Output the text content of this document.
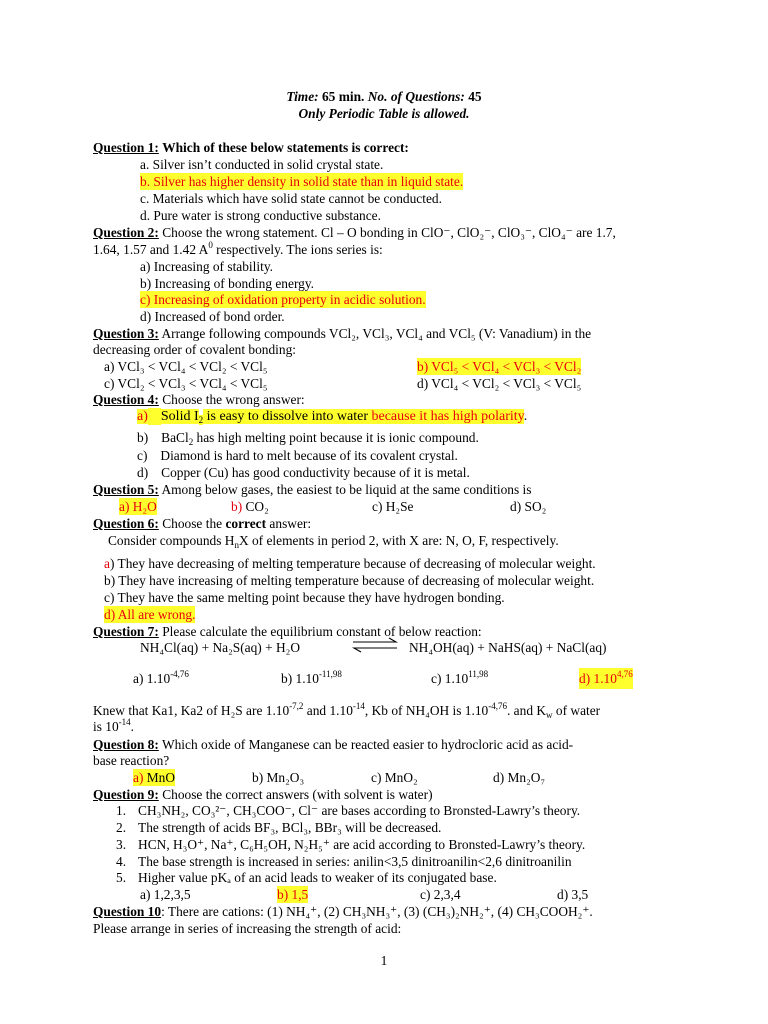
Time: 65 min. No. of Questions: 45
Only Periodic Table is allowed.
Question 1: Which of these below statements is correct:
a. Silver isn’t conducted in solid crystal state.
b. Silver has higher density in solid state than in liquid state.
c. Materials which have solid state cannot be conducted.
d. Pure water is strong conductive substance.
Question 2: Choose the wrong statement. Cl – O bonding in ClO⁻, ClO₂⁻, ClO₃⁻, ClO₄⁻ are 1.7,
1.64, 1.57 and 1.42 $A^0$ respectively. The ions series is:
a) Increasing of stability.
b) Increasing of bonding energy.
c) Increasing of oxidation property in acidic solution.
d) Increased of bond order.
Question 3: Arrange following compounds VCl₂, VCl₃, VCl₄ and VCl₅ (V: Vanadium) in the
decreasing order of covalent bonding:
a) VCl₃ < VCl₄ < VCl₂ < VCl₅	b) VCl₅ < VCl₄ < VCl₃ < VCl₂
c) VCl₂ < VCl₃ < VCl₄ < VCl₅	d) VCl₄ < VCl₂ < VCl₃ < VCl₅
Question 4: Choose the wrong answer:
a) Solid $I_2$ is easy to dissolve into water because it has high polarity.
b) BaCl$_2$ has high melting point because it is ionic compound.
c) Diamond is hard to melt because of its covalent crystal.
d) Copper (Cu) has good conductivity because of it is metal.
Question 5: Among below gases, the easiest to be liquid at the same conditions is
a) H₂O	b) CO₂	c) H₂Se	d) SO₂
Question 6: Choose the correct answer:
Consider compounds $H_nX$ of elements in period 2, with X are: N, O, F, respectively.
a) They have decreasing of melting temperature because of decreasing of molecular weight.
b) They have increasing of melting temperature because of decreasing of molecular weight.
c) They have the same melting point because they have hydrogen bonding.
d) All are wrong.
Question 7: Please calculate the equilibrium constant of below reaction:
NH₄Cl(aq) + Na₂S(aq) + H₂O	⇌ NH₄OH(aq) + NaHS(aq) + NaCl(aq)
a) $1.10^{-4,76}$	b) $1.10^{-11,98}$	c) 1.10$^{11,98}$	d) 1.10$^{4,76}$
Knew that Ka1, Ka2 of H₂S are $1.10^{-7,2}$ and $1.10^{-14}$, Kb of NH₄OH is $1.10^{-4,76}$. and $K_w$ of water
is $10^{-14}$.
Question 8: Which oxide of Manganese can be reacted easier to hydrocloric acid as acid-
base reaction?
a) MnO	b) Mn₂O₃	c) MnO₂	d) Mn₂O₇
Question 9: Choose the correct answers (with solvent is water)
1. CH₃NH₂, CO₃²⁻, CH₃COO⁻, Cl⁻ are bases according to Bronsted-Lawry’s theory.
2. The strength of acids BF₃, BCl₃, BBr₃ will be decreased.
3. HCN, H₃O⁺, Na⁺, C₆H₅OH, N₂H₅⁺ are acid according to Bronsted-Lawry’s theory.
4. The base strength is increased in series: anilin<3,5 dinitroanilin<2,6 dinitroanilin
5. Higher value pKₐ of an acid leads to weaker of its conjugated base.
a) 1,2,3,5	b) 1,5	c) 2,3,4	d) 3,5
Question 10: There are cations: (1) NH₄⁺, (2) CH₃NH₃⁺, (3) (CH₃)₂NH₂⁺, (4) CH₃COOH₂⁺.
Please arrange in series of increasing the strength of acid:
1
